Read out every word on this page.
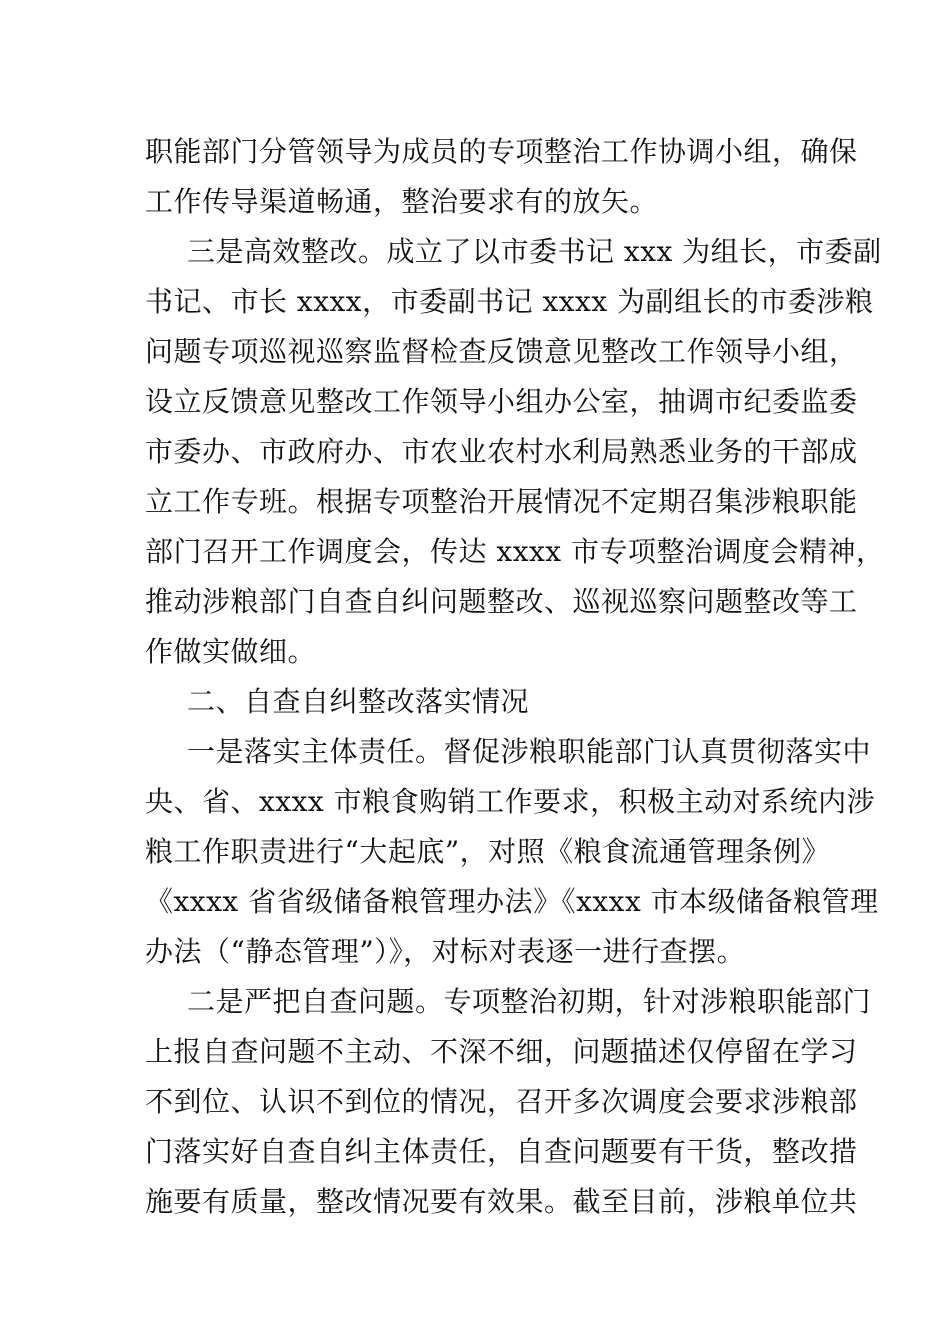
职能部门分管领导为成员的专项整治工作协调小组，确保
工作传导渠道畅通，整治要求有的放矢。
三是高效整改。成立了以市委书记 xxx 为组长，市委副
书记、市长 xxxx，市委副书记 xxxx 为副组长的市委涉粮
问题专项巡视巡察监督检查反馈意见整改工作领导小组，
设立反馈意见整改工作领导小组办公室，抽调市纪委监委
市委办、市政府办、市农业农村水利局熟悉业务的干部成
立工作专班。根据专项整治开展情况不定期召集涉粮职能
部门召开工作调度会，传达 xxxx 市专项整治调度会精神，
推动涉粮部门自查自纠问题整改、巡视巡察问题整改等工
作做实做细。
二、自查自纠整改落实情况
一是落实主体责任。督促涉粮职能部门认真贯彻落实中
央、省、xxxx 市粮食购销工作要求，积极主动对系统内涉
粮工作职责进行“大起底”，对照《粮食流通管理条例》
《xxxx 省省级储备粮管理办法》《xxxx 市本级储备粮管理
办法（“静态管理”）》，对标对表逐一进行查摆。
二是严把自查问题。专项整治初期，针对涉粮职能部门
上报自查问题不主动、不深不细，问题描述仅停留在学习
不到位、认识不到位的情况，召开多次调度会要求涉粮部
门落实好自查自纠主体责任，自查问题要有干货，整改措
施要有质量，整改情况要有效果。截至目前，涉粮单位共
